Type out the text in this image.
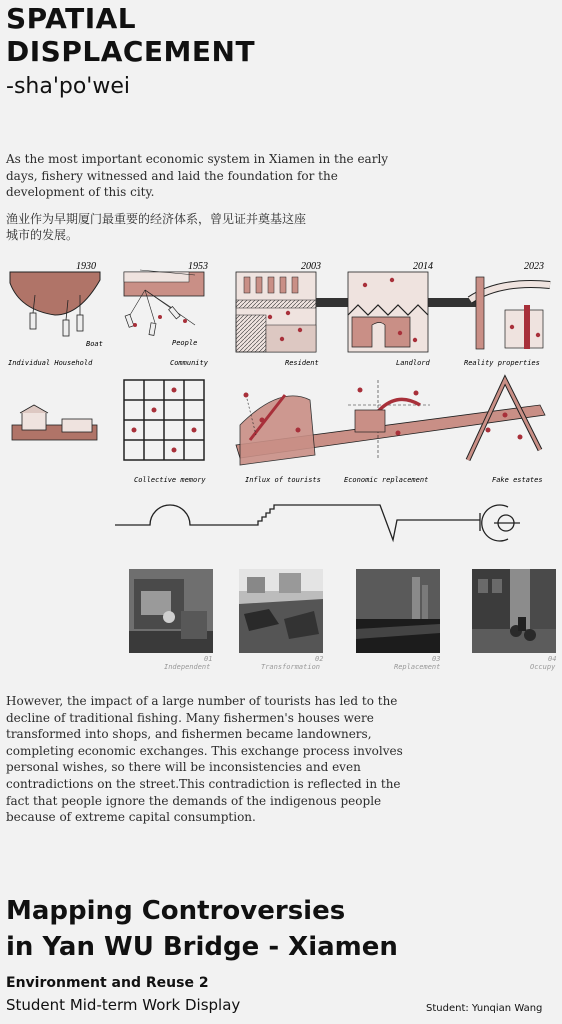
SPATIAL
DISPLACEMENT
-sha'po'wei
As the most important economic system in Xiamen in the early days, fishery witnessed and laid the foundation for the development of this city.
渔业作为早期厦门最重要的经济体系，曾见证并奠基这座城市的发展。
1930	1953	2003	2014	2023
Boat	People
Individual Household	Community	Resident	Landlord	Reality properties
Collective memory	Influx of tourists	Economic replacement	Fake estates
01
Independent
02
Transformation
03
Replacement
04
Occupy
However, the impact of a large number of tourists has led to the decline of traditional fishing. Many fishermen's houses were transformed into shops, and fishermen became landowners, completing economic exchanges. This exchange process involves personal wishes, so there will be inconsistencies and even contradictions on the street.This contradiction is reflected in the fact that people ignore the demands of the indigenous people because of extreme capital consumption.
Mapping Controversies
in Yan WU Bridge - Xiamen
Environment and Reuse 2
Student Mid-term Work Display	Student: Yunqian Wang
